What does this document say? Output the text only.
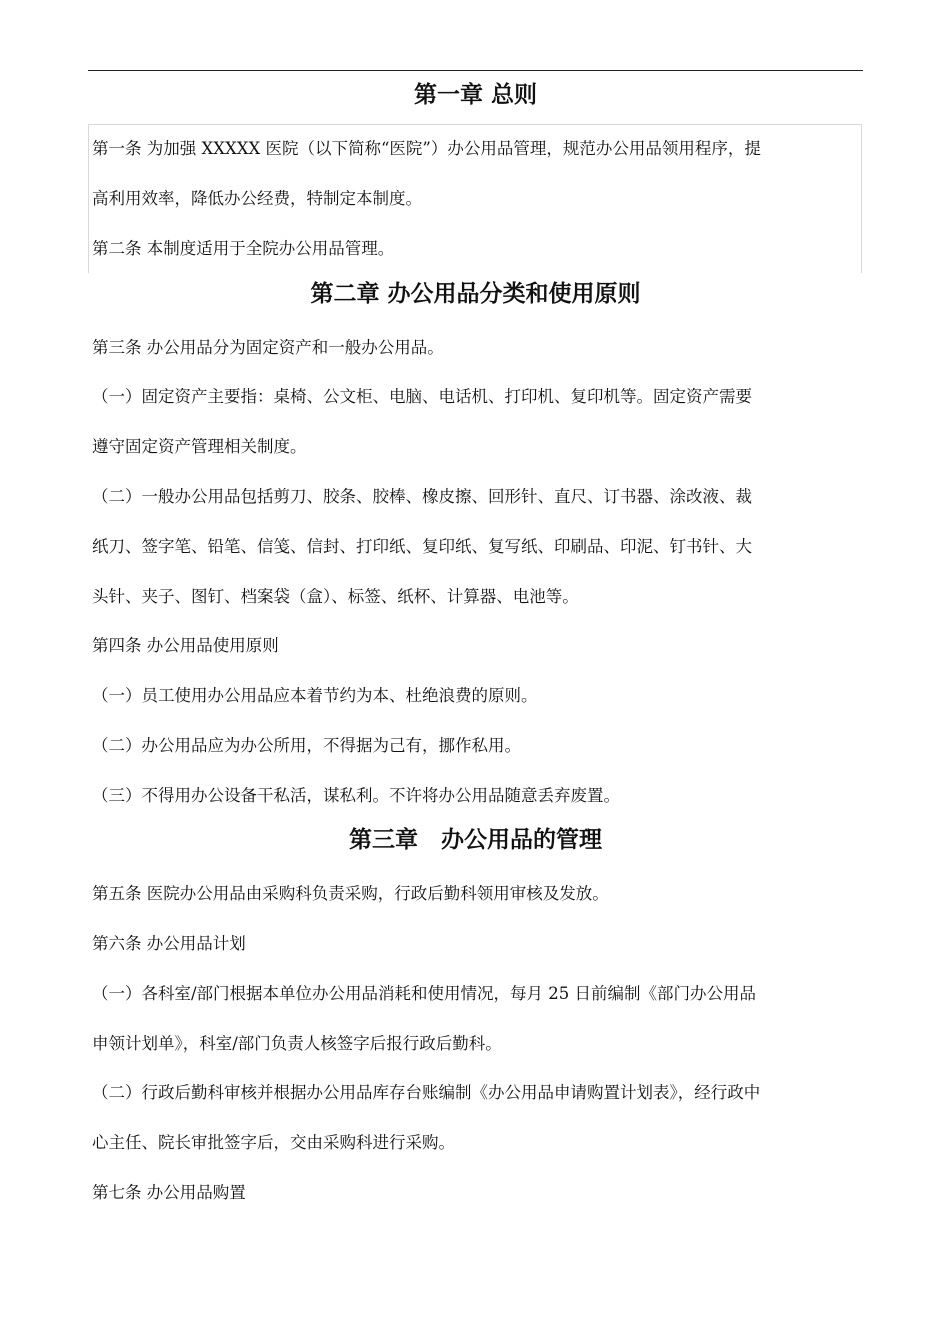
第一章 总则

第一条 为加强 XXXXX 医院（以下简称“医院”）办公用品管理，规范办公用品领用程序，提

高利用效率，降低办公经费，特制定本制度。

第二条 本制度适用于全院办公用品管理。

第二章 办公用品分类和使用原则

第三条 办公用品分为固定资产和一般办公用品。

（一）固定资产主要指：桌椅、公文柜、电脑、电话机、打印机、复印机等。固定资产需要

遵守固定资产管理相关制度。

（二）一般办公用品包括剪刀、胶条、胶棒、橡皮擦、回形针、直尺、订书器、涂改液、裁

纸刀、签字笔、铅笔、信笺、信封、打印纸、复印纸、复写纸、印刷品、印泥、钉书针、大

头针、夹子、图钉、档案袋（盒）、标签、纸杯、计算器、电池等。

第四条 办公用品使用原则

（一）员工使用办公用品应本着节约为本、杜绝浪费的原则。

（二）办公用品应为办公所用，不得据为己有，挪作私用。

（三）不得用办公设备干私活，谋私利。不许将办公用品随意丢弃废置。

第三章　办公用品的管理

第五条 医院办公用品由采购科负责采购，行政后勤科领用审核及发放。

第六条 办公用品计划

（一）各科室/部门根据本单位办公用品消耗和使用情况，每月 25 日前编制《部门办公用品

申领计划单》，科室/部门负责人核签字后报行政后勤科。

（二）行政后勤科审核并根据办公用品库存台账编制《办公用品申请购置计划表》，经行政中

心主任、院长审批签字后，交由采购科进行采购。

第七条 办公用品购置
